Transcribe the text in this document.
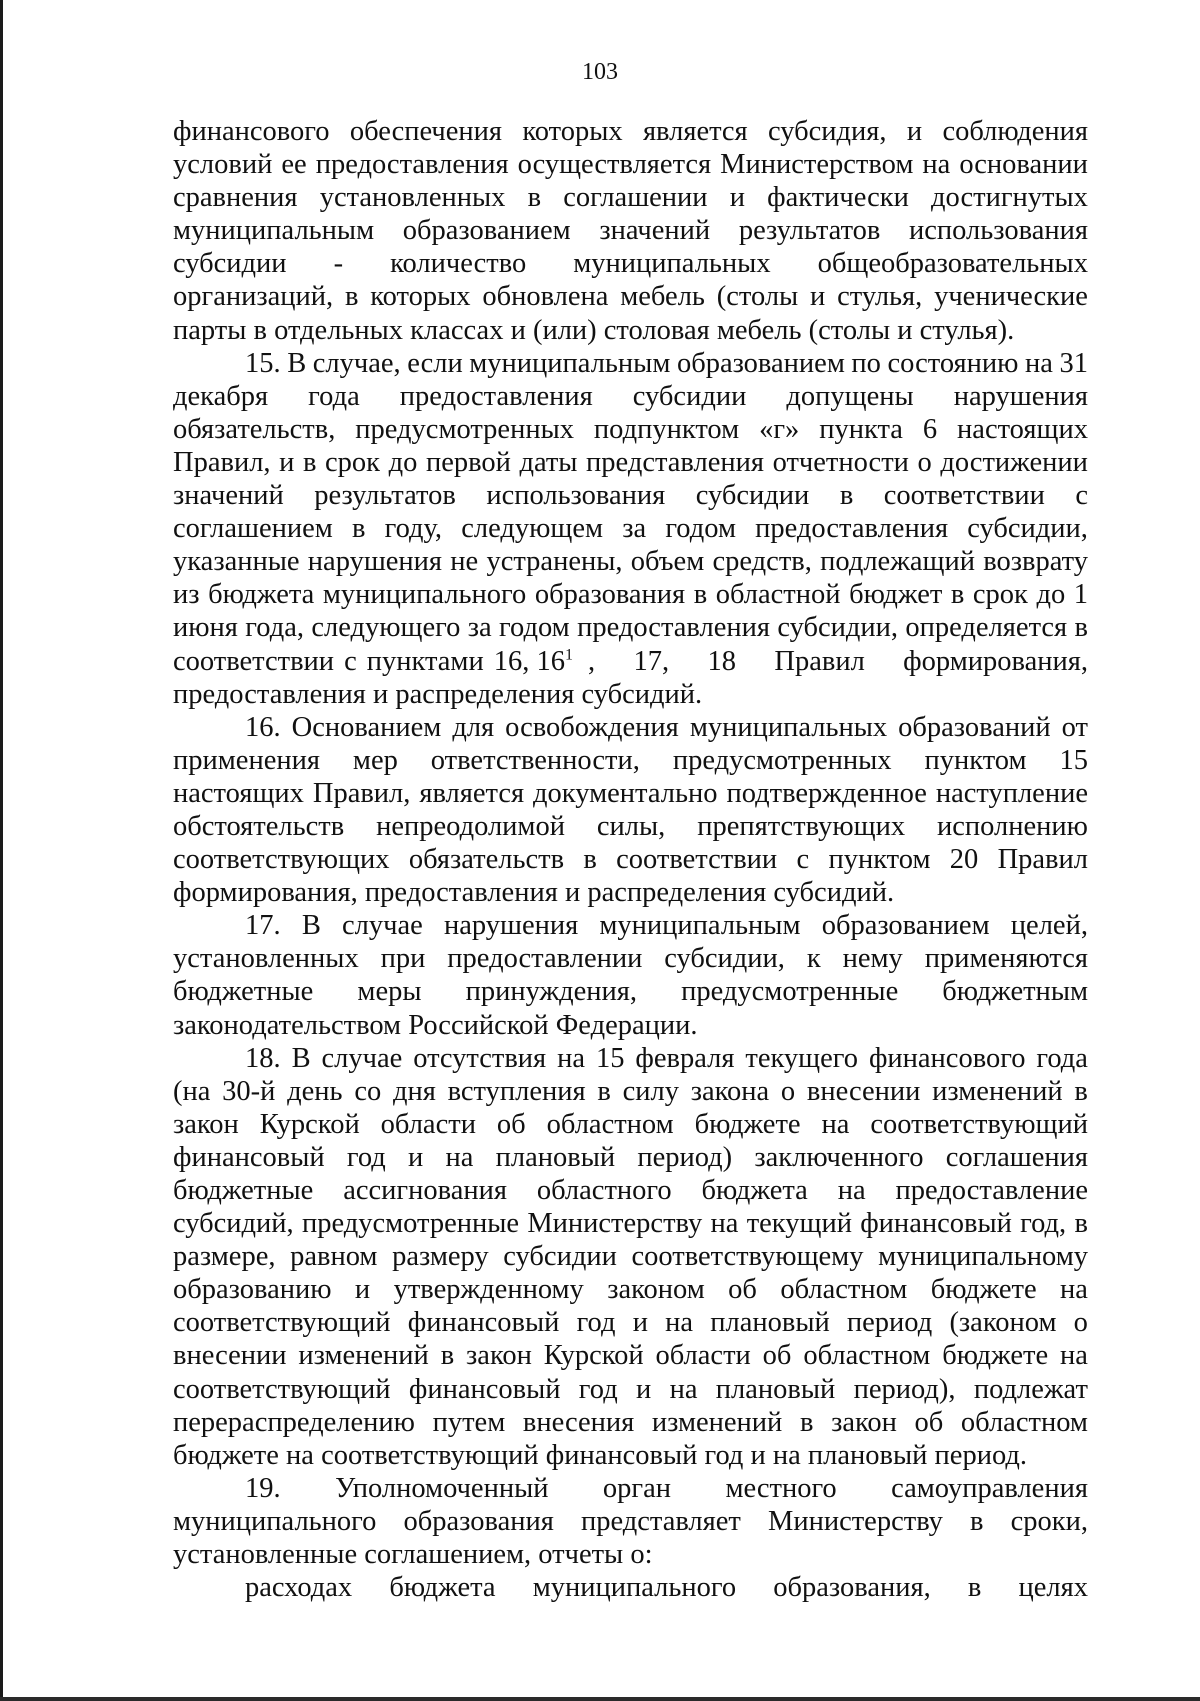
103
финансового обеспечения которых является субсидия, и соблюдения
условий ее предоставления осуществляется Министерством на основании
сравнения установленных в соглашении и фактически достигнутых
муниципальным образованием значений результатов использования
субсидии - количество муниципальных общеобразовательных
организаций, в которых обновлена мебель (столы и стулья, ученические
парты в отдельных классах и (или) столовая мебель (столы и стулья).
15. В случае, если муниципальным образованием по состоянию на 31
декабря года предоставления субсидии допущены нарушения
обязательств, предусмотренных подпунктом «г» пункта 6 настоящих
Правил, и в срок до первой даты представления отчетности о достижении
значений результатов использования субсидии в соответствии с
соглашением в году, следующем за годом предоставления субсидии,
указанные нарушения не устранены, объем средств, подлежащий возврату
из бюджета муниципального образования в областной бюджет в срок до 1
июня года, следующего за годом предоставления субсидии, определяется в
соответствии с пунктами 16, $16^1$ , 17, 18 Правил формирования,
предоставления и распределения субсидий.
16. Основанием для освобождения муниципальных образований от
применения мер ответственности, предусмотренных пунктом 15
настоящих Правил, является документально подтвержденное наступление
обстоятельств непреодолимой силы, препятствующих исполнению
соответствующих обязательств в соответствии с пунктом 20 Правил
формирования, предоставления и распределения субсидий.
17. В случае нарушения муниципальным образованием целей,
установленных при предоставлении субсидии, к нему применяются
бюджетные меры принуждения, предусмотренные бюджетным
законодательством Российской Федерации.
18. В случае отсутствия на 15 февраля текущего финансового года
(на 30-й день со дня вступления в силу закона о внесении изменений в
закон Курской области об областном бюджете на соответствующий
финансовый год и на плановый период) заключенного соглашения
бюджетные ассигнования областного бюджета на предоставление
субсидий, предусмотренные Министерству на текущий финансовый год, в
размере, равном размеру субсидии соответствующему муниципальному
образованию и утвержденному законом об областном бюджете на
соответствующий финансовый год и на плановый период (законом о
внесении изменений в закон Курской области об областном бюджете на
соответствующий финансовый год и на плановый период), подлежат
перераспределению путем внесения изменений в закон об областном
бюджете на соответствующий финансовый год и на плановый период.
19. Уполномоченный орган местного самоуправления
муниципального образования представляет Министерству в сроки,
установленные соглашением, отчеты о:
расходах бюджета муниципального образования, в целях
